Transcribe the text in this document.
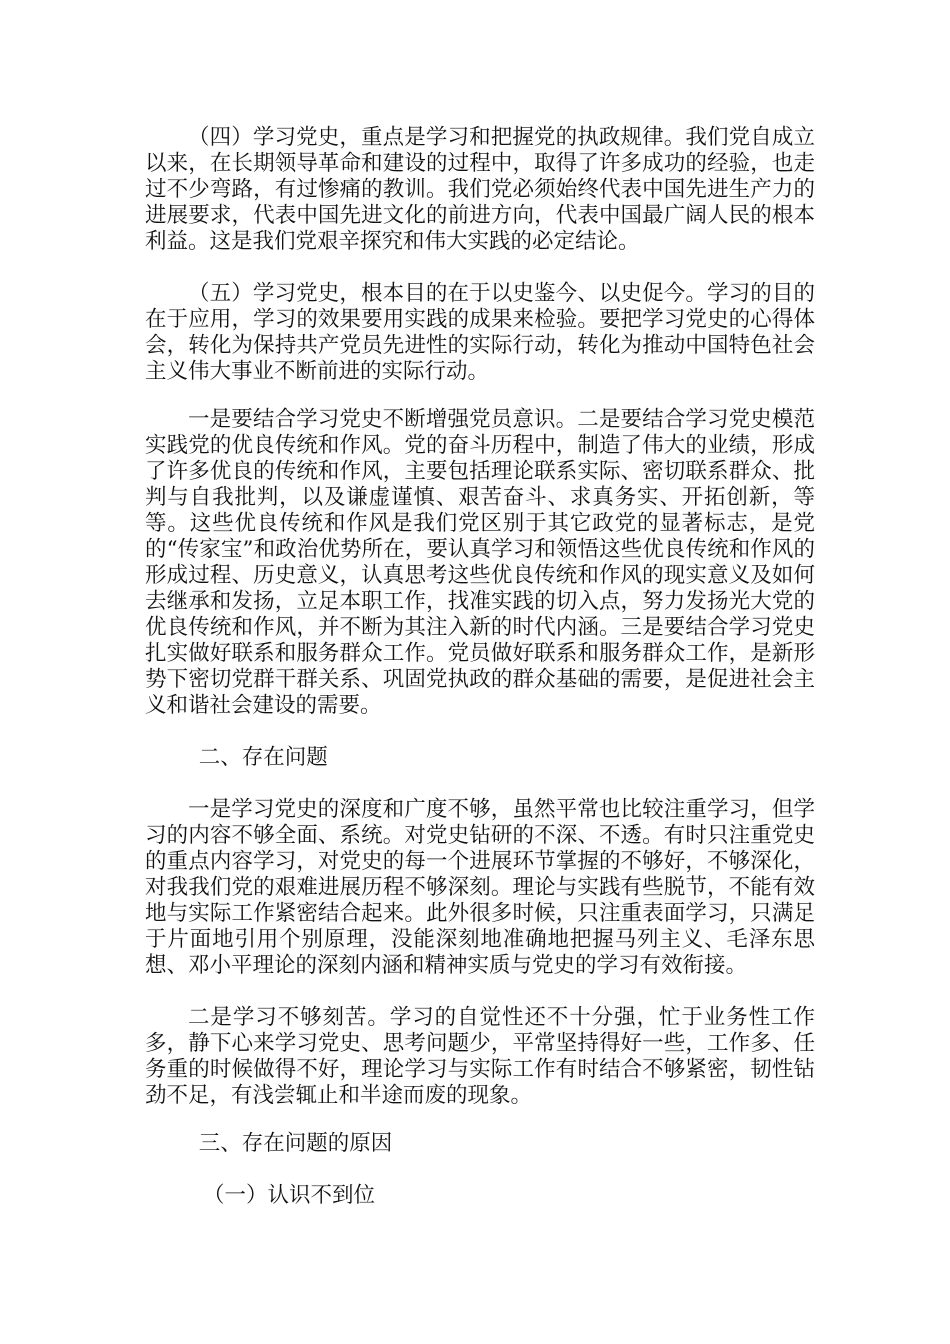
（四）学习党史，重点是学习和把握党的执政规律。我们党自成立以来，在长期领导革命和建设的过程中，取得了许多成功的经验，也走过不少弯路，有过惨痛的教训。我们党必须始终代表中国先进生产力的进展要求，代表中国先进文化的前进方向，代表中国最广阔人民的根本利益。这是我们党艰辛探究和伟大实践的必定结论。

（五）学习党史，根本目的在于以史鉴今、以史促今。学习的目的在于应用，学习的效果要用实践的成果来检验。要把学习党史的心得体会，转化为保持共产党员先进性的实际行动，转化为推动中国特色社会主义伟大事业不断前进的实际行动。

一是要结合学习党史不断增强党员意识。二是要结合学习党史模范实践党的优良传统和作风。党的奋斗历程中，制造了伟大的业绩，形成了许多优良的传统和作风，主要包括理论联系实际、密切联系群众、批判与自我批判，以及谦虚谨慎、艰苦奋斗、求真务实、开拓创新，等等。这些优良传统和作风是我们党区别于其它政党的显著标志，是党的“传家宝”和政治优势所在，要认真学习和领悟这些优良传统和作风的形成过程、历史意义，认真思考这些优良传统和作风的现实意义及如何去继承和发扬，立足本职工作，找准实践的切入点，努力发扬光大党的优良传统和作风，并不断为其注入新的时代内涵。三是要结合学习党史扎实做好联系和服务群众工作。党员做好联系和服务群众工作，是新形势下密切党群干群关系、巩固党执政的群众基础的需要，是促进社会主义和谐社会建设的需要。

二、存在问题

一是学习党史的深度和广度不够，虽然平常也比较注重学习，但学习的内容不够全面、系统。对党史钻研的不深、不透。有时只注重党史的重点内容学习，对党史的每一个进展环节掌握的不够好，不够深化，对我我们党的艰难进展历程不够深刻。理论与实践有些脱节，不能有效地与实际工作紧密结合起来。此外很多时候，只注重表面学习，只满足于片面地引用个别原理，没能深刻地准确地把握马列主义、毛泽东思想、邓小平理论的深刻内涵和精神实质与党史的学习有效衔接。

二是学习不够刻苦。学习的自觉性还不十分强，忙于业务性工作多，静下心来学习党史、思考问题少，平常坚持得好一些，工作多、任务重的时候做得不好，理论学习与实际工作有时结合不够紧密，韧性钻劲不足，有浅尝辄止和半途而废的现象。

三、存在问题的原因

（一）认识不到位
